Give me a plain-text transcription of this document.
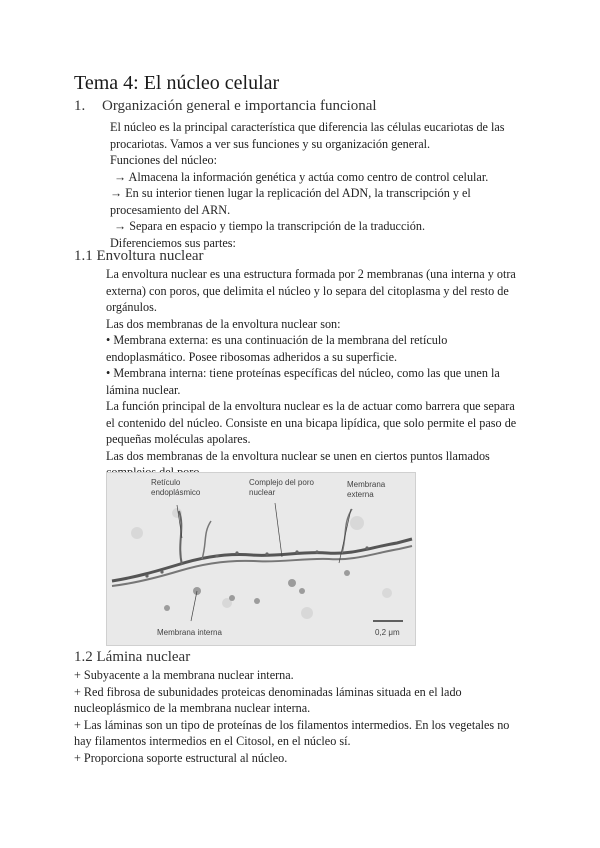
Tema 4: El núcleo celular
1. Organización general e importancia funcional
El núcleo es la principal característica que diferencia las células eucariotas de las
procariotas. Vamos a ver sus funciones y su organización general.
Funciones del núcleo:
→ Almacena la información genética y actúa como centro de control celular.
→ En su interior tienen lugar la replicación del ADN, la transcripción y el
procesamiento del ARN.
→ Separa en espacio y tiempo la transcripción de la traducción.
Diferenciemos sus partes:
1.1 Envoltura nuclear
La envoltura nuclear es una estructura formada por 2 membranas (una interna y otra
externa) con poros, que delimita el núcleo y lo separa del citoplasma y del resto de
orgánulos.
Las dos membranas de la envoltura nuclear son:
• Membrana externa: es una continuación de la membrana del retículo
endoplasmático. Posee ribosomas adheridos a su superficie.
• Membrana interna: tiene proteínas específicas del núcleo, como las que unen la
lámina nuclear.
La función principal de la envoltura nuclear es la de actuar como barrera que separa
el contenido del núcleo. Consiste en una bicapa lipídica, que solo permite el paso de
pequeñas moléculas apolares.
Las dos membranas de la envoltura nuclear se unen en ciertos puntos llamados
Retículo
endoplásmico
Complejo del poro
nuclear
Membrana
externa
Membrana interna	0,2 μm
1.2 Lámina nuclear
+ Subyacente a la membrana nuclear interna.
+ Red fibrosa de subunidades proteicas denominadas láminas situada en el lado
nucleoplásmico de la membrana nuclear interna.
+ Las láminas son un tipo de proteínas de los filamentos intermedios. En los vegetales no
hay filamentos intermedios en el Citosol, en el núcleo sí.
+ Proporciona soporte estructural al núcleo.
